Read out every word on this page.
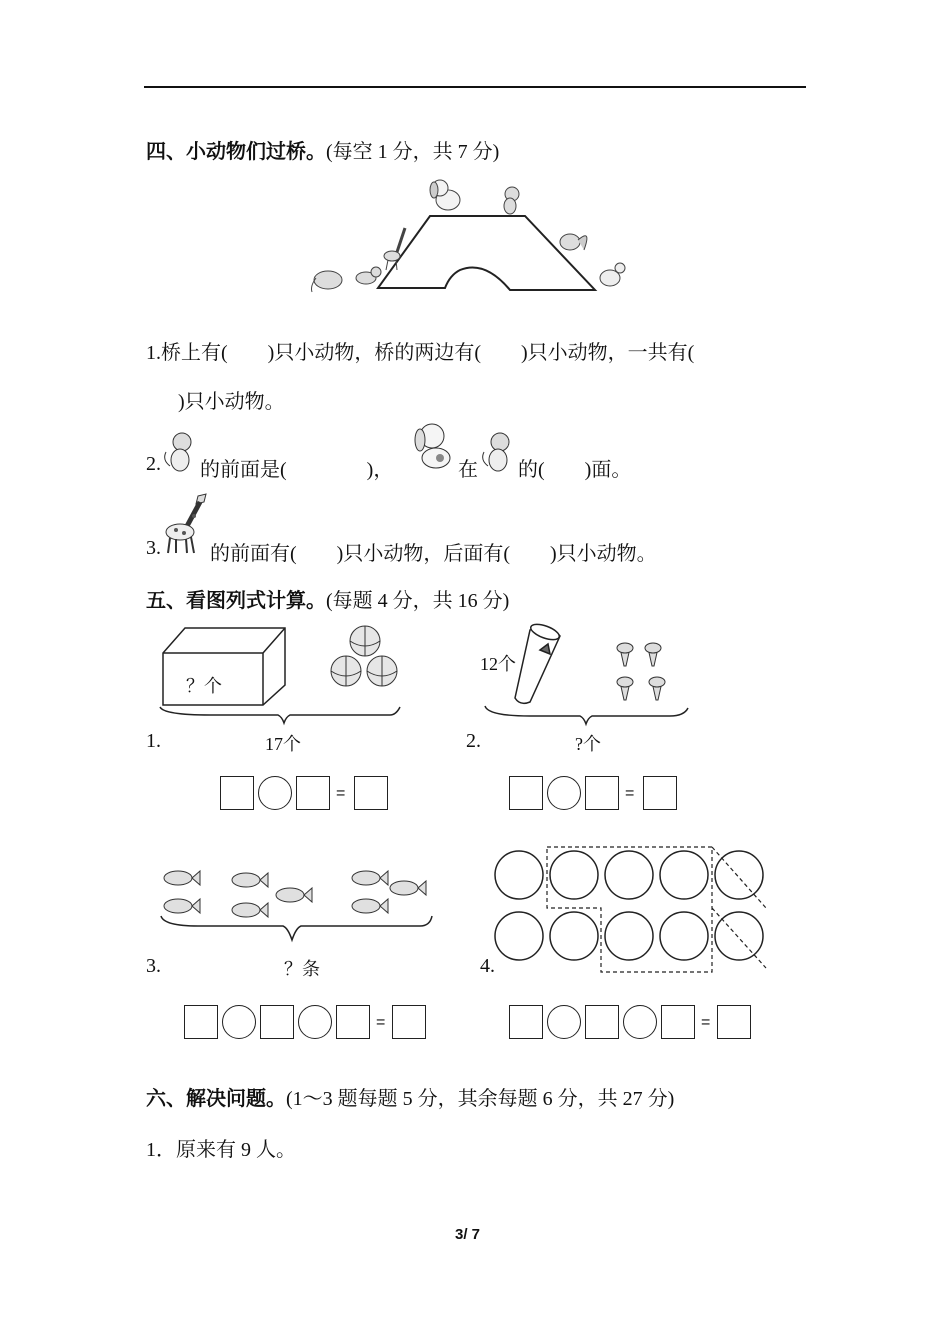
四、小动物们过桥。(每空 1 分，共 7 分)
1.桥上有(　　)只小动物，桥的两边有(　　)只小动物，一共有(
)只小动物。
2. 的前面是(　　　　)，	在 的(　　)面。
3. 的前面有(　　)只小动物，后面有(　　)只小动物。
五、看图列式计算。(每题 4 分，共 16 分)
？个
1.	17个
=
12个
2.	?个
=
3.	？条
=
4.
=
六、解决问题。(1～3 题每题 5 分，其余每题 6 分，共 27 分)
1．原来有 9 人。
3/ 7
